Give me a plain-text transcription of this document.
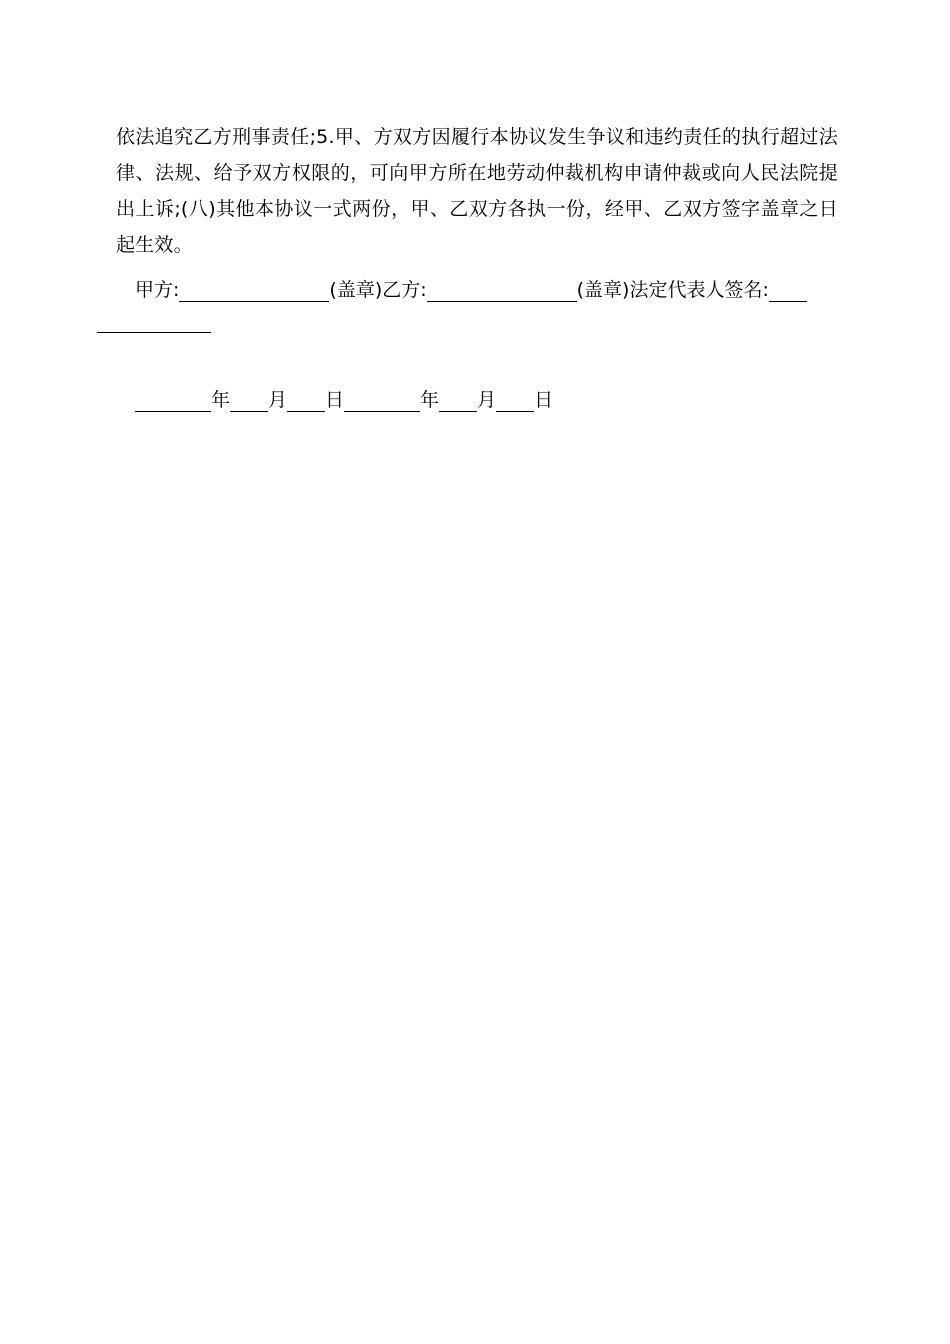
依法追究乙方刑事责任;5.甲、方双方因履行本协议发生争议和违约责任的执行超过法律、法规、给予双方权限的，可向甲方所在地劳动仲裁机构申请仲裁或向人民法院提出上诉;(八)其他本协议一式两份，甲、乙双方各执一份，经甲、乙双方签字盖章之日起生效。
甲方:	(盖章)乙方:	(盖章)法定代表人签名:
年 月 日	年 月 日
